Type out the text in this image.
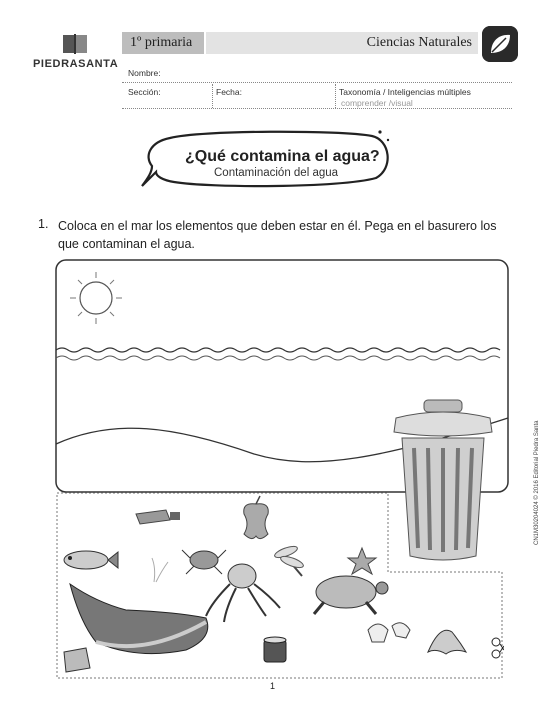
PIEDRASANTA
1º primaria	Ciencias Naturales
Nombre:
Sección:	Fecha:	Taxonomía / Inteligencias múltiples
comprender /visual
¿Qué contamina el agua?
Contaminación del agua
1. Coloca en el mar los elementos que deben estar en él. Pega en el basurero los que contaminan el agua.
1
CN1M30204024 © 2016 Editorial Piedra Santa
